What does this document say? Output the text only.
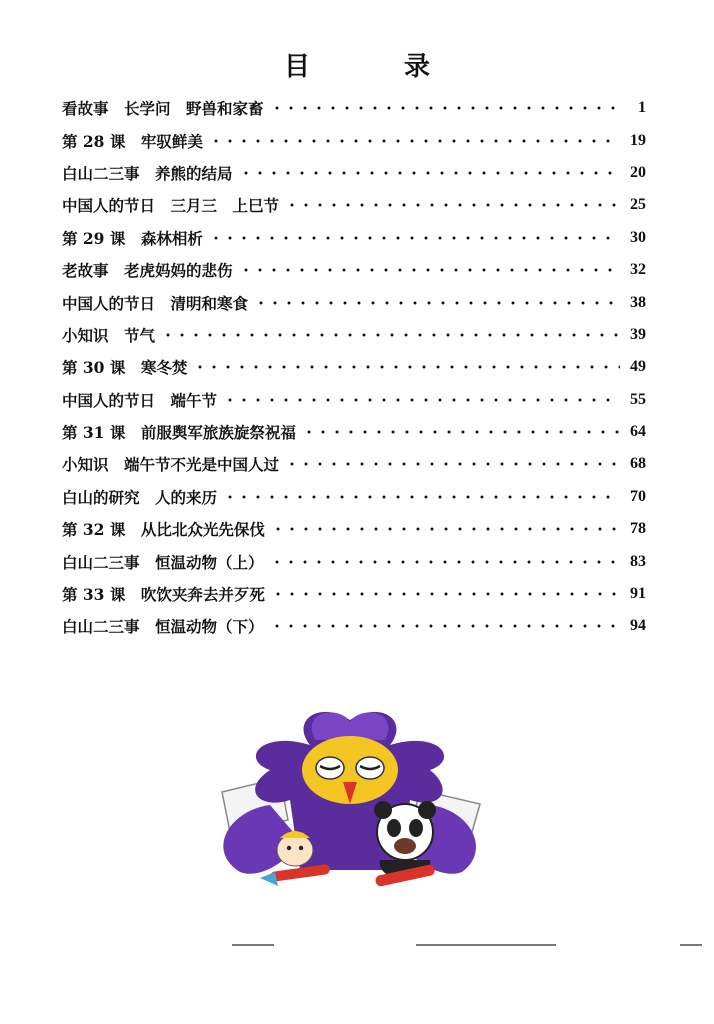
目　录
看故事　长学问　野兽和家畜	1
第 28 课　牢驭鲜美	19
白山二三事　养熊的结局	20
中国人的节日　三月三　上巳节	25
第 29 课　森林相析	30
老故事　老虎妈妈的悲伤	32
中国人的节日　清明和寒食	38
小知识　节气	39
第 30 课　寒冬焚	49
中国人的节日　端午节	55
第 31 课　前服舆军旅族旋祭祝福	64
小知识　端午节不光是中国人过	68
白山的研究　人的来历	70
第 32 课　从比北众光先保伐	78
白山二三事　恒温动物（上）	83
第 33 课　吹饮夹奔去并歹死	91
白山二三事　恒温动物（下）	94
